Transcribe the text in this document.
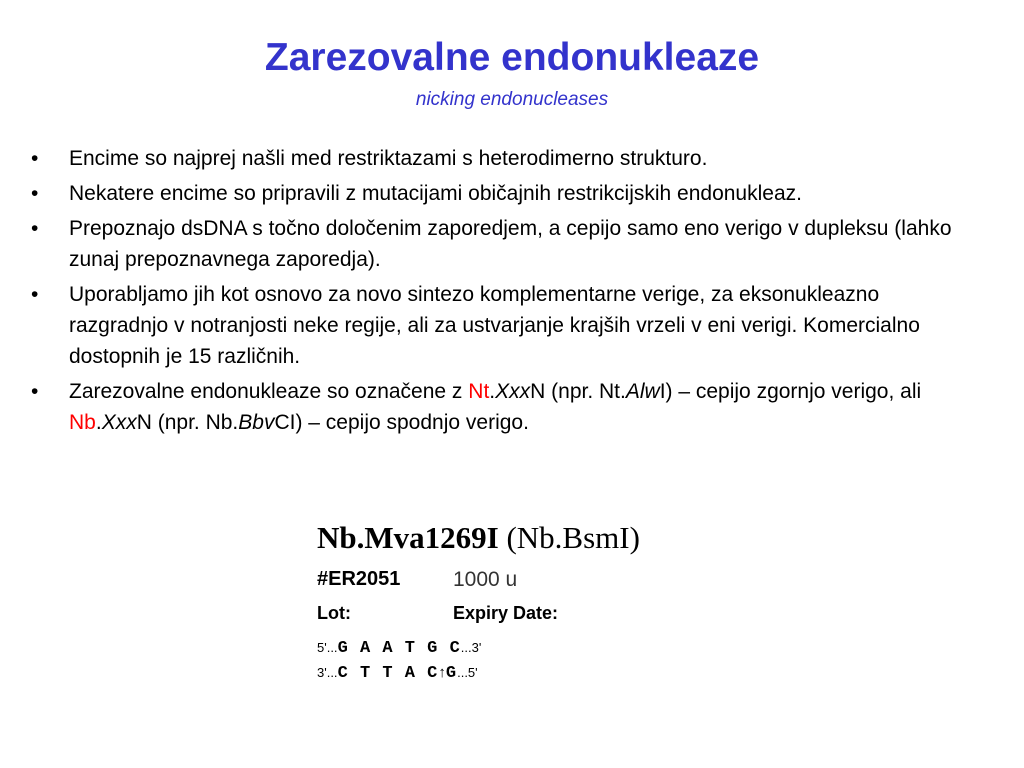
Zarezovalne endonukleaze
nicking endonucleases
• Encime so najprej našli med restriktazami s heterodimerno strukturo.
• Nekatere encime so pripravili z mutacijami običajnih restrikcijskih endonukleaz.
• Prepoznajo dsDNA s točno določenim zaporedjem, a cepijo samo eno verigo v dupleksu (lahko zunaj prepoznavnega zaporedja).
• Uporabljamo jih kot osnovo za novo sintezo komplementarne verige, za eksonukleazno razgradnjo v notranjosti neke regije, ali za ustvarjanje krajših vrzeli v eni verigi. Komercialno dostopnih je 15 različnih.
• Zarezovalne endonukleaze so označene z Nt.XxxN (npr. Nt.AlwI) – cepijo zgornjo verigo, ali Nb.XxxN (npr. Nb.BbvCI) – cepijo spodnjo verigo.
Nb.Mva1269I (Nb.BsmI)
#ER2051	1000 u
Lot:	Expiry Date:
5'...G A A T G C...3'
3'...C T T A C↑G...5'
